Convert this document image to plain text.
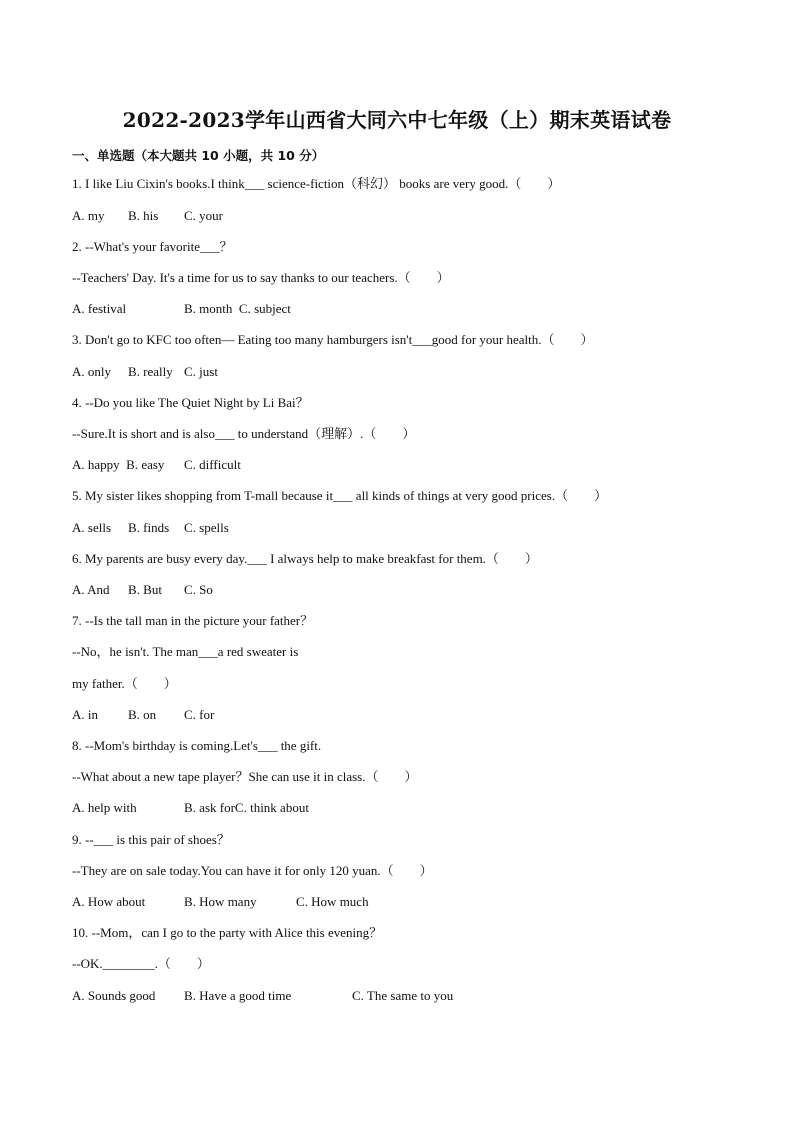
2022-2023学年山西省大同六中七年级（上）期末英语试卷
一、单选题（本大题共 10 小题，共 10 分）
1. I like Liu Cixin's books.I think___ science-fiction（科幻） books are very good.（　　）
A. my B. his C. your
2. --What's your favorite___？
--Teachers' Day. It's a time for us to say thanks to our teachers.（　　）
A. festival	B. month  C. subject
3. Don't go to KFC too often— Eating too many hamburgers isn't___good for your health.（　　）
A. only B. really C. just
4. --Do you like The Quiet Night by Li Bai？
--Sure.It is short and is also___ to understand（理解）.（　　）
A. happy  B. easy C. difficult
5. My sister likes shopping from T-mall because it___ all kinds of things at very good prices.（　　）
A. sells B. finds C. spells
6. My parents are busy every day.___ I always help to make breakfast for them.（　　）
A. And B. But C. So
7. --Is the tall man in the picture your father？
--No，he isn't. The man___a red sweater is
my father.（　　）
A. in B. on C. for
8. --Mom's birthday is coming.Let's___ the gift.
--What about a new tape player？She can use it in class.（　　）
A. help with	B. ask forC. think about
9. --___ is this pair of shoes？
--They are on sale today.You can have it for only 120 yuan.（　　）
A. How about	B. How many	C. How much
10. --Mom，can I go to the party with Alice this evening？
--OK.________.（　　）
A. Sounds good B. Have a good time	C. The same to you
